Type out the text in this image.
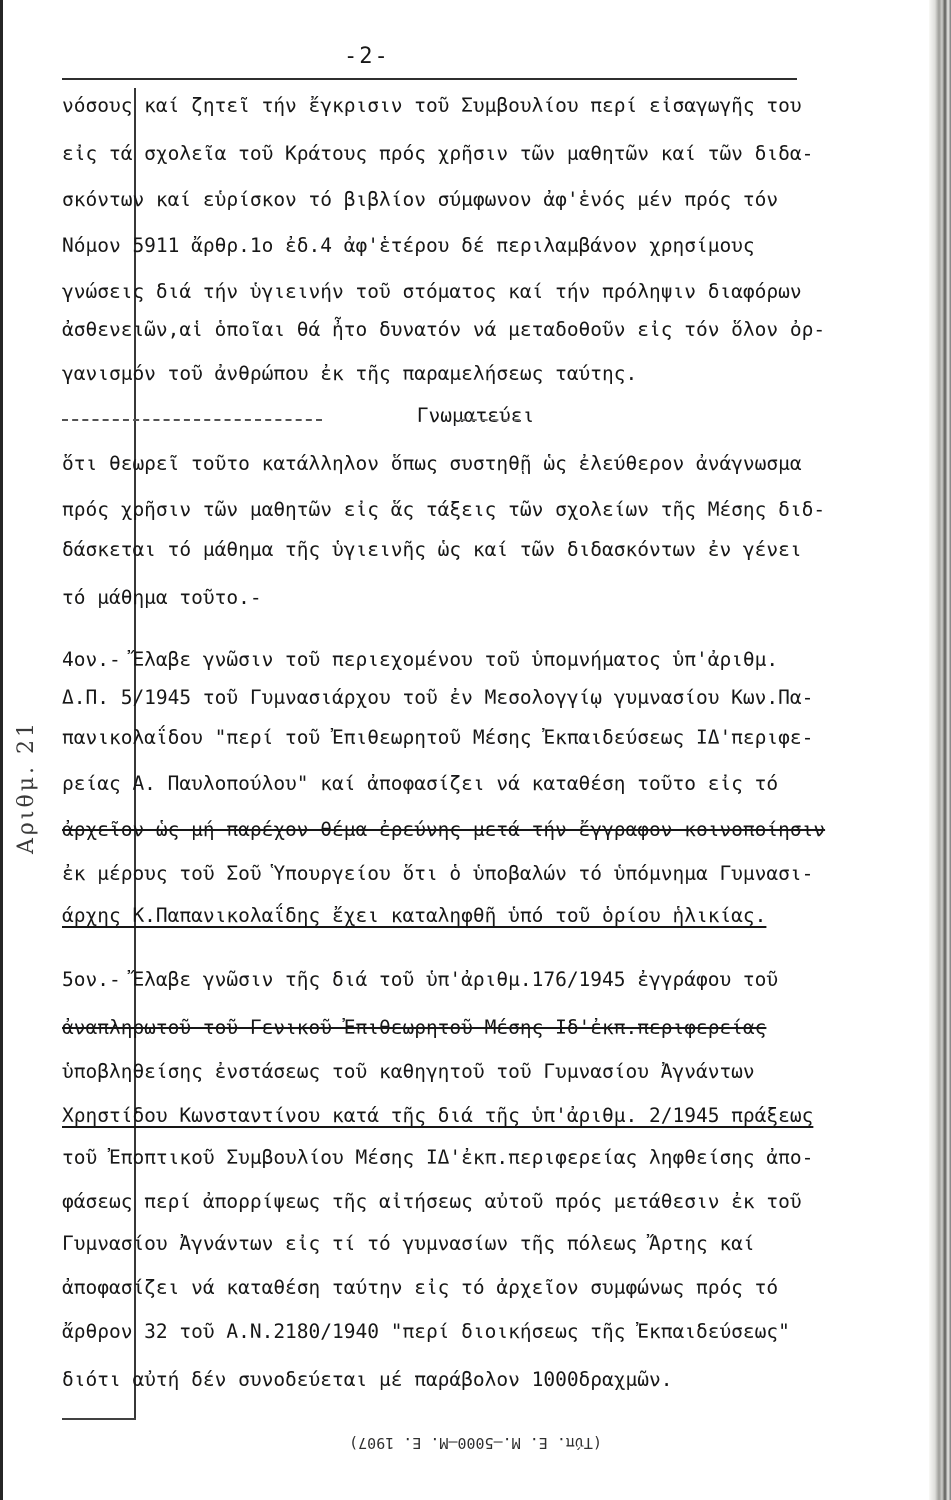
-2-
Αριθμ. 21
νόσους καί ζητεῖ τήν ἔγκρισιν τοῦ Συμβουλίου περί εἰσαγωγῆς του
εἰς τά σχολεῖα τοῦ Κράτους πρός χρῆσιν τῶν μαθητῶν καί τῶν διδα-
σκόντων καί εὑρίσκον τό βιβλίον σύμφωνον ἀφ'ἑνός μέν πρός τόν
Νόμον 5911 ἄρθρ.1ο ἐδ.4 ἀφ'ἑτέρου δέ περιλαμβάνον χρησίμους
γνώσεις διά τήν ὑγιεινήν τοῦ στόματος καί τήν πρόληψιν διαφόρων
ἀσθενειῶν,αἱ ὁποῖαι θά ἦτο δυνατόν νά μεταδοθοῦν εἰς τόν ὅλον ὀρ-
γανισμόν τοῦ ἀνθρώπου ἐκ τῆς παραμελήσεως ταύτης.
Γνωματεύει
ὅτι θεωρεῖ τοῦτο κατάλληλον ὅπως συστηθῇ ὡς ἐλεύθερον ἀνάγνωσμα
πρός χρῆσιν τῶν μαθητῶν εἰς ἅς τάξεις τῶν σχολείων τῆς Μέσης διδ-
δάσκεται τό μάθημα τῆς ὑγιεινῆς ὡς καί τῶν διδασκόντων ἐν γένει
τό μάθημα τοῦτο.-
4ον.- Ἔλαβε γνῶσιν τοῦ περιεχομένου τοῦ ὑπομνήματος ὑπ'ἀριθμ.
Δ.Π. 5/1945 τοῦ Γυμνασιάρχου τοῦ ἐν Μεσολογγίῳ γυμνασίου Κων.Πα-
πανικολαΐδου "περί τοῦ Ἐπιθεωρητοῦ Μέσης Ἐκπαιδεύσεως ΙΔ'περιφε-
ρείας Α. Παυλοπούλου" καί ἀποφασίζει νά καταθέση τοῦτο εἰς τό
ἀρχεῖον ὡς μή παρέχον θέμα ἐρεύνης μετά τήν ἔγγραφον κοινοποίησιν
ἐκ μέρους τοῦ Σοῦ Ὑπουργείου ὅτι ὁ ὑποβαλών τό ὑπόμνημα Γυμνασι-
άρχης Κ.Παπανικολαΐδης ἔχει καταληφθῆ ὑπό τοῦ ὁρίου ἡλικίας.
5ον.- Ἔλαβε γνῶσιν τῆς διά τοῦ ὑπ'ἀριθμ.176/1945 ἐγγράφου τοῦ
ἀναπληρωτοῦ τοῦ Γενικοῦ Ἐπιθεωρητοῦ Μέσης Ιδ'ἐκπ.περιφερείας
ὑποβληθείσης ἐνστάσεως τοῦ καθηγητοῦ τοῦ Γυμνασίου Ἀγνάντων
Χρηστίδου Κωνσταντίνου κατά τῆς διά τῆς ὑπ'ἀριθμ. 2/1945 πράξεως
τοῦ Ἐποπτικοῦ Συμβουλίου Μέσης ΙΔ'ἐκπ.περιφερείας ληφθείσης ἀπο-
φάσεως περί ἀπορρίψεως τῆς αἰτήσεως αὐτοῦ πρός μετάθεσιν ἐκ τοῦ
Γυμνασίου Ἀγνάντων εἰς τί τό γυμνασίων τῆς πόλεως Ἄρτης καί
ἀποφασίζει νά καταθέση ταύτην εἰς τό ἀρχεῖον συμφώνως πρός τό
ἄρθρον 32 τοῦ Α.Ν.2180/1940 "περί διοικήσεως τῆς Ἐκπαιδεύσεως"
διότι αὐτή δέν συνοδεύεται μέ παράβολον 1000δραχμῶν.
(Τύπ. Ε. Μ.—5000—Μ. Ε. 1907)
